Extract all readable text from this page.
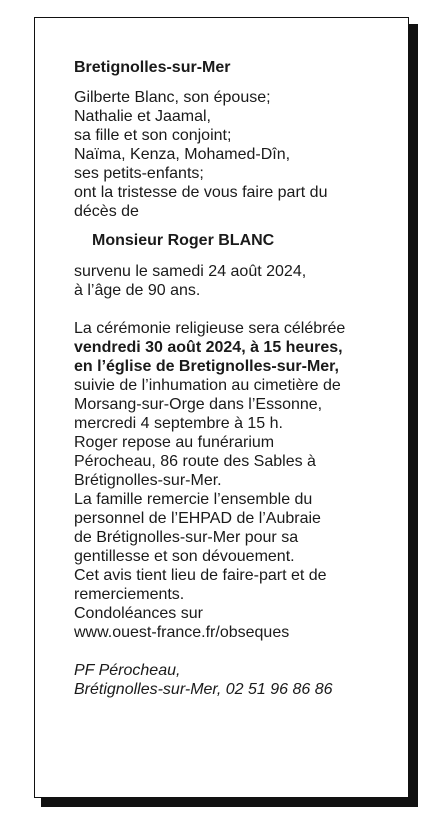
Bretignolles-sur-Mer
Gilberte Blanc, son épouse;
Nathalie et Jaamal,
sa fille et son conjoint;
Naïma, Kenza, Mohamed-Dîn,
ses petits-enfants;
ont la tristesse de vous faire part du
décès de
Monsieur Roger BLANC
survenu le samedi 24 août 2024,
à l’âge de 90 ans.
La cérémonie religieuse sera célébrée
vendredi 30 août 2024, à 15 heures,
en l’église de Bretignolles-sur-Mer,
suivie de l’inhumation au cimetière de
Morsang-sur-Orge dans l’Essonne,
mercredi 4 septembre à 15 h.
Roger repose au funérarium
Pérocheau, 86 route des Sables à
Brétignolles-sur-Mer.
La famille remercie l’ensemble du
personnel de l’EHPAD de l’Aubraie
de Brétignolles-sur-Mer pour sa
gentillesse et son dévouement.
Cet avis tient lieu de faire-part et de
remerciements.
Condoléances sur
www.ouest-france.fr/obseques
PF Pérocheau,
Brétignolles-sur-Mer, 02 51 96 86 86
